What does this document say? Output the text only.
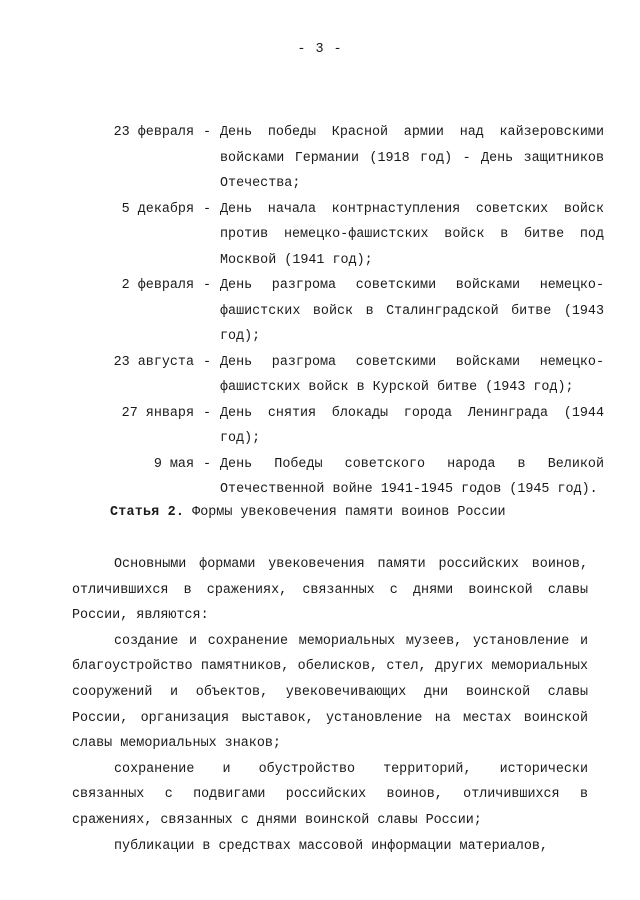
- 3 -
23 февраля - День победы Красной армии над кайзеровскими войсками Германии (1918 год) - День защитников Отечества;
5 декабря - День начала контрнаступления советских войск против немецко-фашистских войск в битве под Москвой (1941 год);
2 февраля - День разгрома советскими войсками немецко-фашистских войск в Сталинградской битве (1943 год);
23 августа - День разгрома советскими войсками немецко-фашистских войск в Курской битве (1943 год);
27 января - День снятия блокады города Ленинграда (1944 год);
9 мая - День Победы советского народа в Великой Отечественной войне 1941-1945 годов (1945 год).
Статья 2. Формы увековечения памяти воинов России

Основными формами увековечения памяти российских воинов, отличившихся в сражениях, связанных с днями воинской славы России, являются:

создание и сохранение мемориальных музеев, установление и благоустройство памятников, обелисков, стел, других мемориальных сооружений и объектов, увековечивающих дни воинской славы России, организация выставок, установление на местах воинской славы мемориальных знаков;

сохранение и обустройство территорий, исторически связанных с подвигами российских воинов, отличившихся в сражениях, связанных с днями воинской славы России;

публикации в средствах массовой информации материалов,
